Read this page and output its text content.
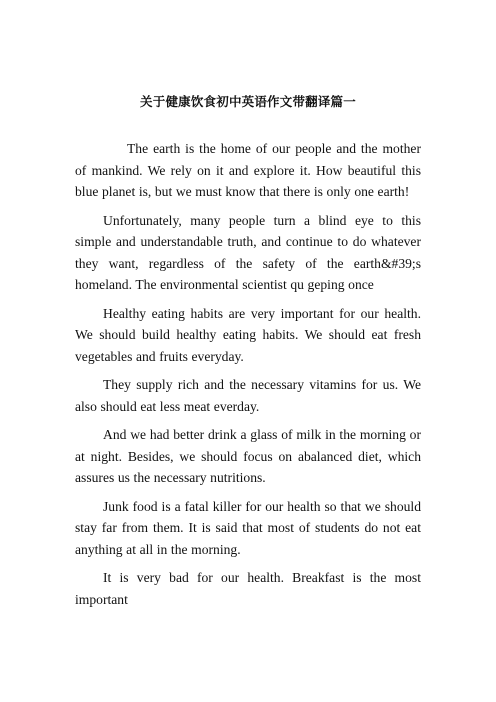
关于健康饮食初中英语作文带翻译篇一

The earth is the home of our people and the mother of mankind. We rely on it and explore it. How beautiful this blue planet is, but we must know that there is only one earth!

Unfortunately, many people turn a blind eye to this simple and understandable truth, and continue to do whatever they want, regardless of the safety of the earth&#39;s homeland. The environmental scientist qu geping once

Healthy eating habits are very important for our health. We should build healthy eating habits. We should eat fresh vegetables and fruits everyday.

They supply rich and the necessary vitamins for us. We also should eat less meat everday.

And we had better drink a glass of milk in the morning or at night. Besides, we should focus on abalanced diet, which assures us the necessary nutritions.

Junk food is a fatal killer for our health so that we should stay far from them. It is said that most of students do not eat anything at all in the morning.

It is very bad for our health. Breakfast is the most important
